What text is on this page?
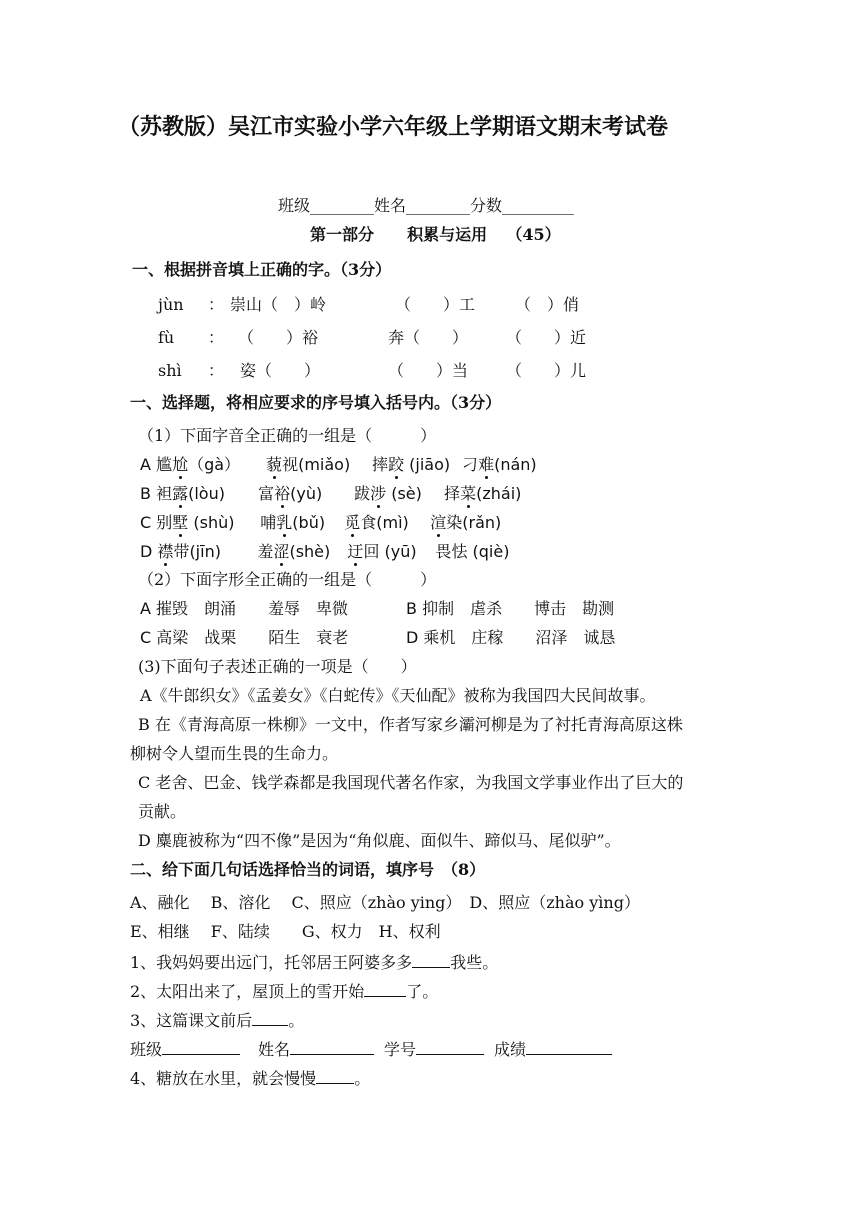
（苏教版）吴江市实验小学六年级上学期语文期末考试卷
班级________姓名________分数_________
第一部分 积累与运用 （45）
一、根据拼音填上正确的字。（3分）
jùn ： 崇山（　）岭	（　　）工 （　）俏
fù ： （　　）裕	奔（　　） （　　）近
shì ： 姿（　　）	（　　）当 （　　）儿
一、选择题，将相应要求的序号填入括号内。（3分）
（1）下面字音全正确的一组是（　　　）
A 尴尬（gà） 藐视(miǎo) 摔跤 (jiāo) 刁难(nán)
B 袒露(lòu) 富裕(yù) 跋涉 (sè) 择菜(zhái)
C 别墅 (shù) 哺乳(bǔ) 觅食(mì) 渲染(rǎn)
D 襟带(jīn) 羞涩(shè) 迂回 (yū) 畏怯 (qiè)
（2）下面字形全正确的一组是（　　　）
A 摧毁　朗涌　　羞辱　卑微	B 抑制　虐杀　　博击　勘测
C 高梁　战栗　　陌生　衰老	D 乘机　庄稼　　沼泽　诚恳
(3)下面句子表述正确的一项是（　　）
A《牛郎织女》《孟姜女》《白蛇传》《天仙配》被称为我国四大民间故事。
B 在《青海高原一株柳》一文中，作者写家乡灞河柳是为了衬托青海高原这株
柳树令人望而生畏的生命力。
C 老舍、巴金、钱学森都是我国现代著名作家，为我国文学事业作出了巨大的
贡献。
D 麋鹿被称为“四不像”是因为“角似鹿、面似牛、蹄似马、尾似驴”。
二、给下面几句话选择恰当的词语，填序号　（8）
A、融化　 B、溶化　 C、照应（zhào ying）　D、照应（zhào yìng）
E、相继　 F、陆续　　G、权力　H、权利
1、我妈妈要出远门，托邻居王阿婆多多 我些。
2、太阳出来了，屋顶上的雪开始	了。
3、这篇课文前后 。
班级	姓名	学号	成绩
4、糖放在水里，就会慢慢 。
